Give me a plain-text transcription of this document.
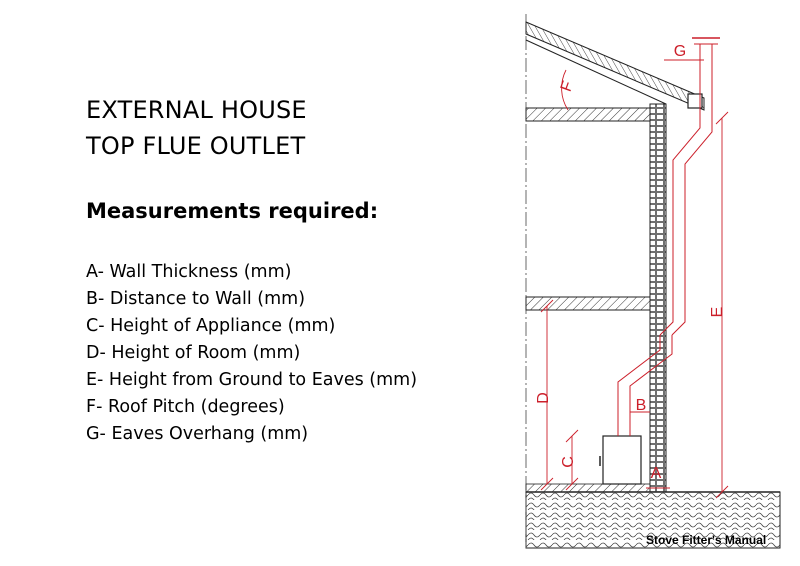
EXTERNAL HOUSE
TOP FLUE OUTLET
Measurements required:
A- Wall Thickness (mm)
B- Distance to Wall (mm)
C- Height of Appliance (mm)
D- Height of Room (mm)
E- Height from Ground to Eaves (mm)
F- Roof Pitch (degrees)
G- Eaves Overhang (mm)
D
C
E
A
B
G
F
Stove Fitter's Manual
